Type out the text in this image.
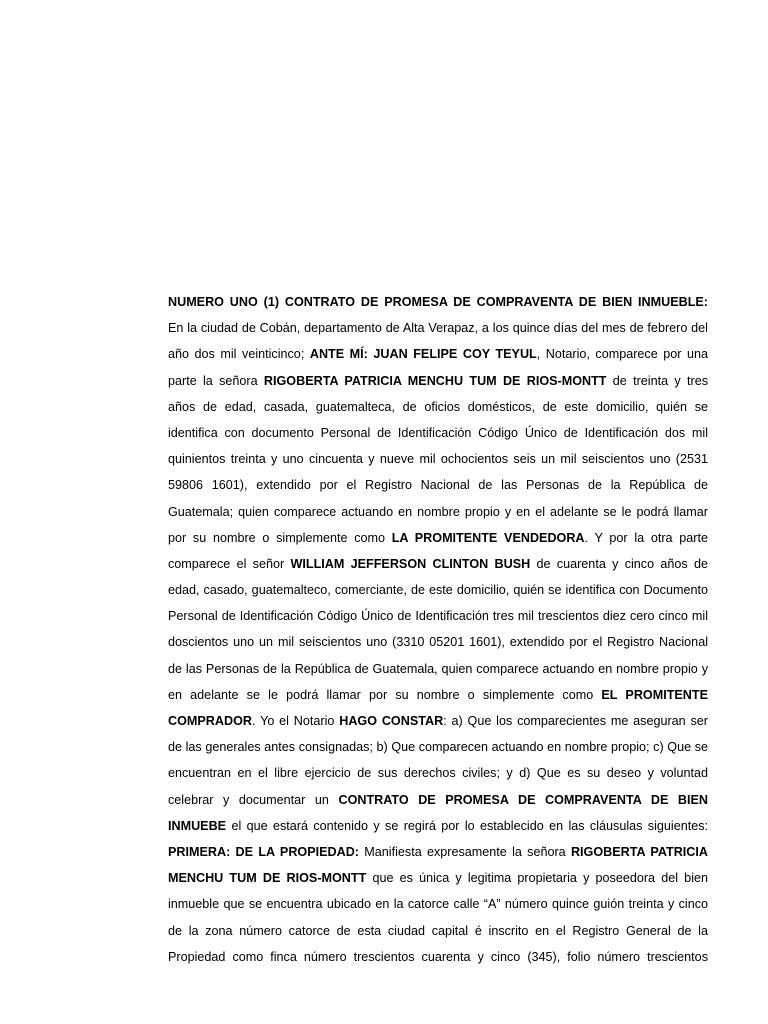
NUMERO UNO (1) CONTRATO DE PROMESA DE COMPRAVENTA DE BIEN INMUEBLE:
En la ciudad de Cobán, departamento de Alta Verapaz, a los quince días del mes de febrero del
año dos mil veinticinco; ANTE MÍ: JUAN FELIPE COY TEYUL, Notario, comparece por una
parte la señora RIGOBERTA PATRICIA MENCHU TUM DE RIOS-MONTT de treinta y tres
años de edad, casada, guatemalteca, de oficios domésticos, de este domicilio, quién se
identifica con documento Personal de Identificación Código Único de Identificación dos mil
quinientos treinta y uno cincuenta y nueve mil ochocientos seis un mil seiscientos uno (2531
59806 1601), extendido por el Registro Nacional de las Personas de la República de
Guatemala; quien comparece actuando en nombre propio y en el adelante se le podrá llamar
por su nombre o simplemente como LA PROMITENTE VENDEDORA. Y por la otra parte
comparece el señor WILLIAM JEFFERSON CLINTON BUSH de cuarenta y cinco años de
edad, casado, guatemalteco, comerciante, de este domicilio, quién se identifica con Documento
Personal de Identificación Código Único de Identificación tres mil trescientos diez cero cinco mil
doscientos uno un mil seiscientos uno (3310 05201 1601), extendido por el Registro Nacional
de las Personas de la República de Guatemala, quien comparece actuando en nombre propio y
en adelante se le podrá llamar por su nombre o simplemente como EL PROMITENTE
COMPRADOR. Yo el Notario HAGO CONSTAR: a) Que los comparecientes me aseguran ser
de las generales antes consignadas; b) Que comparecen actuando en nombre propio; c) Que se
encuentran en el libre ejercicio de sus derechos civiles; y d) Que es su deseo y voluntad
celebrar y documentar un CONTRATO DE PROMESA DE COMPRAVENTA DE BIEN
INMUEBE el que estará contenido y se regirá por lo establecido en las cláusulas siguientes:
PRIMERA: DE LA PROPIEDAD: Manifiesta expresamente la señora RIGOBERTA PATRICIA
MENCHU TUM DE RIOS-MONTT que es única y legitima propietaria y poseedora del bien
inmueble que se encuentra ubicado en la catorce calle “A” número quince guión treinta y cinco
de la zona número catorce de esta ciudad capital é inscrito en el Registro General de la
Propiedad como finca número trescientos cuarenta y cinco (345), folio número trescientos
